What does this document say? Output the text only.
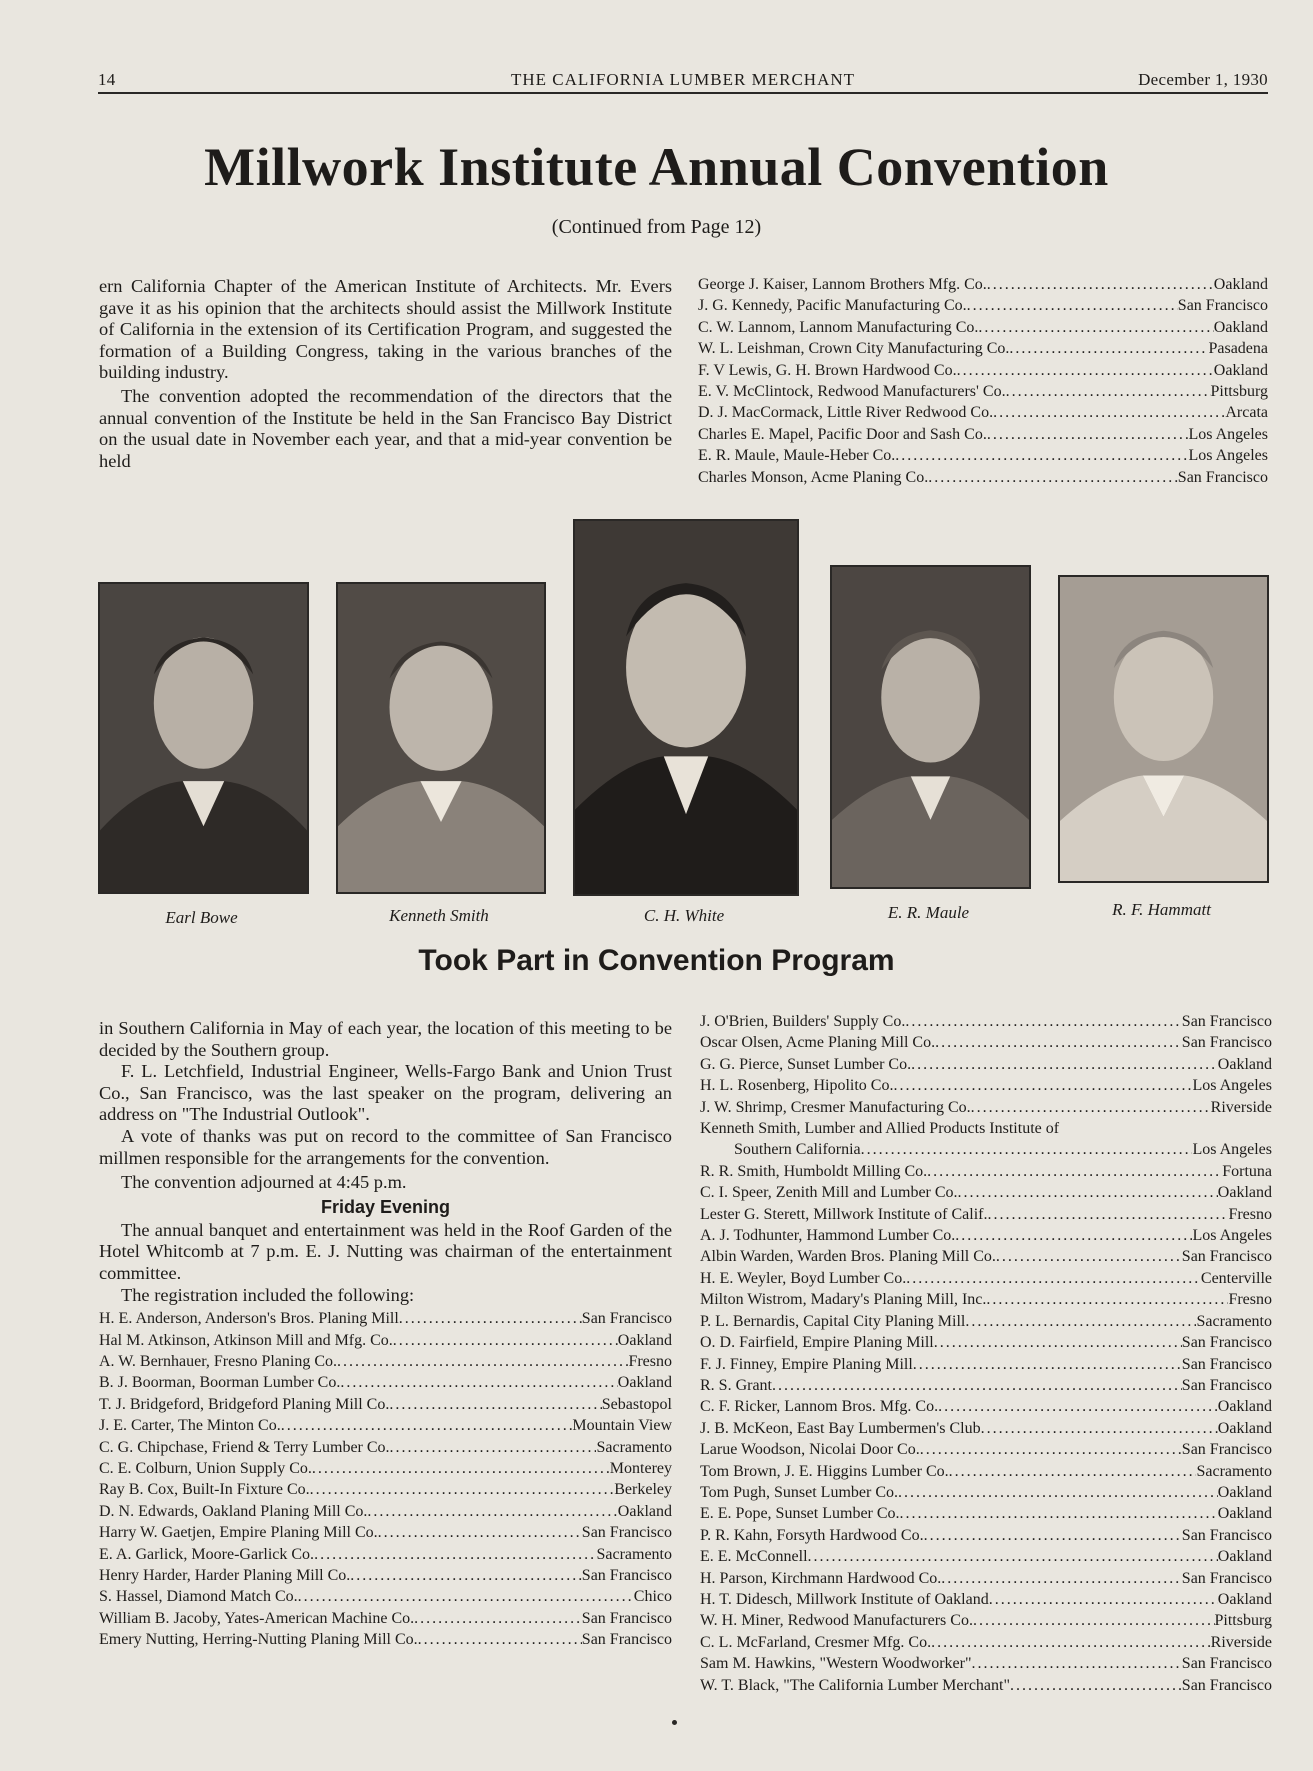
14	THE CALIFORNIA LUMBER MERCHANT	December 1, 1930
Millwork Institute Annual Convention
(Continued from Page 12)

ern California Chapter of the American Institute of Architects. Mr. Evers gave it as his opinion that the architects should assist the Millwork Institute of California in the extension of its Certification Program, and suggested the formation of a Building Congress, taking in the various branches of the building industry.

The convention adopted the recommendation of the directors that the annual convention of the Institute be held in the San Francisco Bay District on the usual date in November each year, and that a mid-year convention be held

George J. Kaiser, Lannom Brothers Mfg. Co. . . .	Oakland
J. G. Kennedy, Pacific Manufacturing Co. . . .	San Francisco
C. W. Lannom, Lannom Manufacturing Co. . . .	Oakland
W. L. Leishman, Crown City Manufacturing Co. . . .	Pasadena
F. V Lewis, G. H. Brown Hardwood Co. . . .	Oakland
E. V. McClintock, Redwood Manufacturers' Co. . . .	Pittsburg
D. J. MacCormack, Little River Redwood Co. . . .	Arcata
Charles E. Mapel, Pacific Door and Sash Co. . . .	Los Angeles
E. R. Maule, Maule-Heber Co. . . .	Los Angeles
Charles Monson, Acme Planing Co. . . .	San Francisco
Earl Bowe	Kenneth Smith	C. H. White	E. R. Maule	R. F. Hammatt
Took Part in Convention Program

in Southern California in May of each year, the location of this meeting to be decided by the Southern group.

F. L. Letchfield, Industrial Engineer, Wells-Fargo Bank and Union Trust Co., San Francisco, was the last speaker on the program, delivering an address on "The Industrial Outlook".

A vote of thanks was put on record to the committee of San Francisco millmen responsible for the arrangements for the convention.

The convention adjourned at 4:45 p.m.

Friday Evening

The annual banquet and entertainment was held in the Roof Garden of the Hotel Whitcomb at 7 p.m. E. J. Nutting was chairman of the entertainment committee.

The registration included the following:

H. E. Anderson, Anderson's Bros. Planing Mill . . .	San Francisco
Hal M. Atkinson, Atkinson Mill and Mfg. Co. . . .	Oakland
A. W. Bernhauer, Fresno Planing Co. . . .	Fresno
B. J. Boorman, Boorman Lumber Co. . . .	Oakland
T. J. Bridgeford, Bridgeford Planing Mill Co. . . .	Sebastopol
J. E. Carter, The Minton Co. . . .	Mountain View
C. G. Chipchase, Friend & Terry Lumber Co. . . .	Sacramento
C. E. Colburn, Union Supply Co. . . .	Monterey
Ray B. Cox, Built-In Fixture Co. . . .	Berkeley
D. N. Edwards, Oakland Planing Mill Co. . . .	Oakland
Harry W. Gaetjen, Empire Planing Mill Co. . . .	San Francisco
E. A. Garlick, Moore-Garlick Co. . . .	Sacramento
Henry Harder, Harder Planing Mill Co. . . .	San Francisco
S. Hassel, Diamond Match Co. . . .	Chico
William B. Jacoby, Yates-American Machine Co. . . .	San Francisco
Emery Nutting, Herring-Nutting Planing Mill Co. . . .	San Francisco
J. O'Brien, Builders' Supply Co. . . .	San Francisco
Oscar Olsen, Acme Planing Mill Co. . . .	San Francisco
G. G. Pierce, Sunset Lumber Co. . . .	Oakland
H. L. Rosenberg, Hipolito Co. . . .	Los Angeles
J. W. Shrimp, Cresmer Manufacturing Co. . . .	Riverside
Kenneth Smith, Lumber and Allied Products Institute of
Southern California . . .	Los Angeles
R. R. Smith, Humboldt Milling Co. . . .	Fortuna
C. I. Speer, Zenith Mill and Lumber Co. . . .	Oakland
Lester G. Sterett, Millwork Institute of Calif. . . .	Fresno
A. J. Todhunter, Hammond Lumber Co. . . .	Los Angeles
Albin Warden, Warden Bros. Planing Mill Co. . . .	San Francisco
H. E. Weyler, Boyd Lumber Co. . . .	Centerville
Milton Wistrom, Madary's Planing Mill, Inc. . . .	Fresno
P. L. Bernardis, Capital City Planing Mill . . .	Sacramento
O. D. Fairfield, Empire Planing Mill . . .	San Francisco
F. J. Finney, Empire Planing Mill . . .	San Francisco
R. S. Grant . . .	San Francisco
C. F. Ricker, Lannom Bros. Mfg. Co. . . .	Oakland
J. B. McKeon, East Bay Lumbermen's Club . . .	Oakland
Larue Woodson, Nicolai Door Co. . . .	San Francisco
Tom Brown, J. E. Higgins Lumber Co. . . .	Sacramento
Tom Pugh, Sunset Lumber Co. . . .	Oakland
E. E. Pope, Sunset Lumber Co. . . .	Oakland
P. R. Kahn, Forsyth Hardwood Co. . . .	San Francisco
E. E. McConnell . . .	Oakland
H. Parson, Kirchmann Hardwood Co. . . .	San Francisco
H. T. Didesch, Millwork Institute of Oakland . . .	Oakland
W. H. Miner, Redwood Manufacturers Co. . . .	Pittsburg
C. L. McFarland, Cresmer Mfg. Co. . . .	Riverside
Sam M. Hawkins, "Western Woodworker" . . .	San Francisco
W. T. Black, "The California Lumber Merchant" . . .	San Francisco
